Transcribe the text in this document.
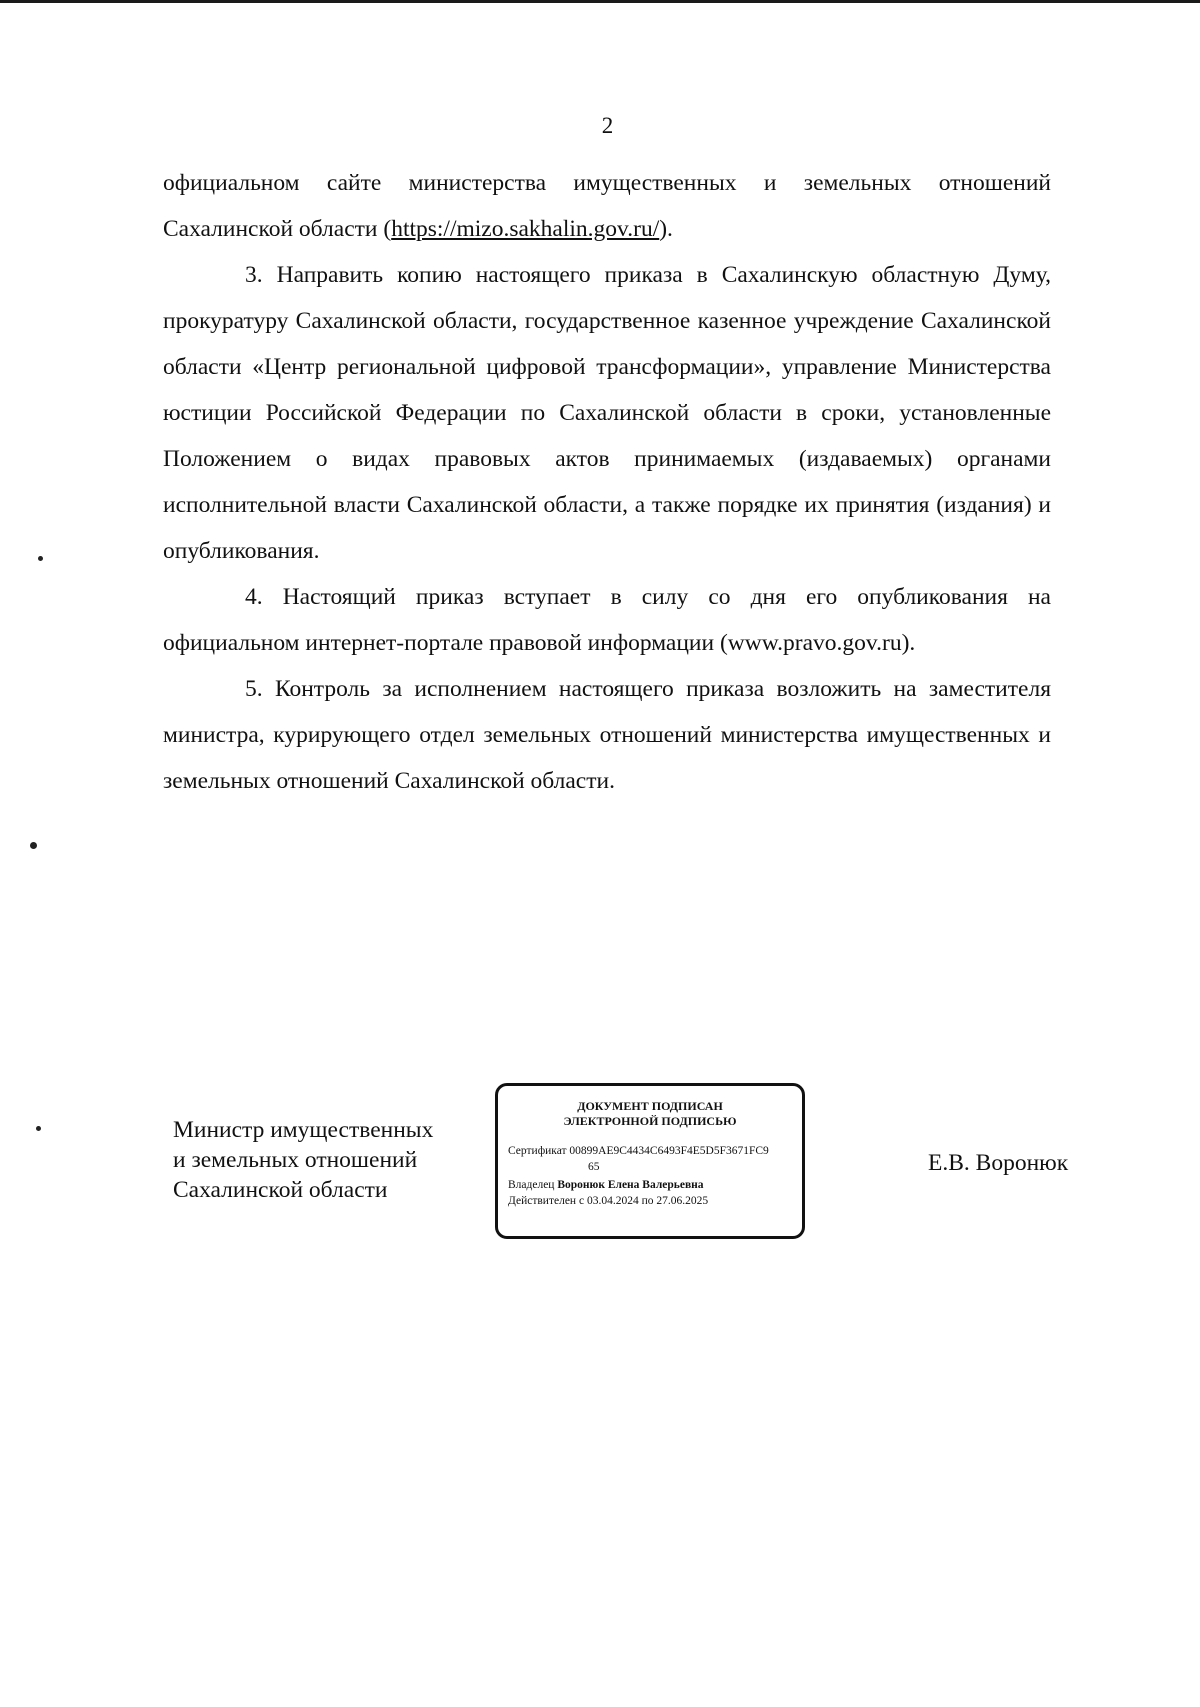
2

официальном сайте министерства имущественных и земельных отношений Сахалинской области (https://mizo.sakhalin.gov.ru/).

3. Направить копию настоящего приказа в Сахалинскую областную Думу, прокуратуру Сахалинской области, государственное казенное учреждение Сахалинской области «Центр региональной цифровой трансформации», управление Министерства юстиции Российской Федерации по Сахалинской области в сроки, установленные Положением о видах правовых актов принимаемых (издаваемых) органами исполнительной власти Сахалинской области, а также порядке их принятия (издания) и опубликования.

4. Настоящий приказ вступает в силу со дня его опубликования на официальном интернет-портале правовой информации (www.pravo.gov.ru).

5. Контроль за исполнением настоящего приказа возложить на заместителя министра, курирующего отдел земельных отношений министерства имущественных и земельных отношений Сахалинской области.

Министр имущественных
и земельных отношений
Сахалинской области
ДОКУМЕНТ ПОДПИСАН
ЭЛЕКТРОННОЙ ПОДПИСЬЮ
Сертификат 00899AE9C4434C6493F4E5D5F3671FC9
65
Владелец Воронюк Елена Валерьевна
Действителен с 03.04.2024 по 27.06.2025
Е.В. Воронюк
